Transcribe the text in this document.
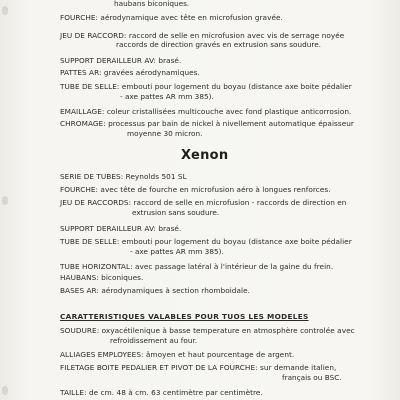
haubans biconiques.
FOURCHE: aérodynamique avec tête en microfusion gravée.
JEU DE RACCORD: raccord de selle en microfusion avec vis de serrage noyée
raccords de direction gravés en extrusion sans soudure.
SUPPORT DERAILLEUR AV: brasé.
PATTES AR: gravées aérodynamiques.
TUBE DE SELLE: embouti pour logement du boyau (distance axe boite pédalier
- axe pattes AR mm 385).
EMAILLAGE: coleur cristallisées multicouche avec fond plastique anticorrosion.
CHROMAGE: processus par bain de nickel à nivellement automatique épaisseur
moyenne 30 micron.
Xenon
SERIE DE TUBES: Reynolds 501 SL
FOURCHE: avec tête de fourche en microfusion aéro à longues renforces.
JEU DE RACCORDS: raccord de selle en microfusion - raccords de direction en
extrusion sans soudure.
SUPPORT DERAILLEUR AV: brasé.
TUBE DE SELLE: embouti pour logement du boyau (distance axe boite pédalier
- axe pattes AR mm 385).
TUBE HORIZONTAL: avec passage latéral à l'intérieur de la gaine du frein.
HAUBANS: biconiques.
BASES AR: aérodynamiques à section rhomboidale.
CARATTERISTIQUES VALABLES POUR TUOS LES MODELES
SOUDURE: oxyacétilenique à basse temperature en atmosphère controlée avec
refroidissement au four.
ALLIAGES EMPLOYEES: âmoyen et haut pourcentage de argent.
FILETAGE BOITE PEDALIER ET PIVOT DE LA FOURCHE: sur demande italien,
français ou BSC.
TAILLE: de cm. 48 à cm. 63 centimètre par centimètre.
